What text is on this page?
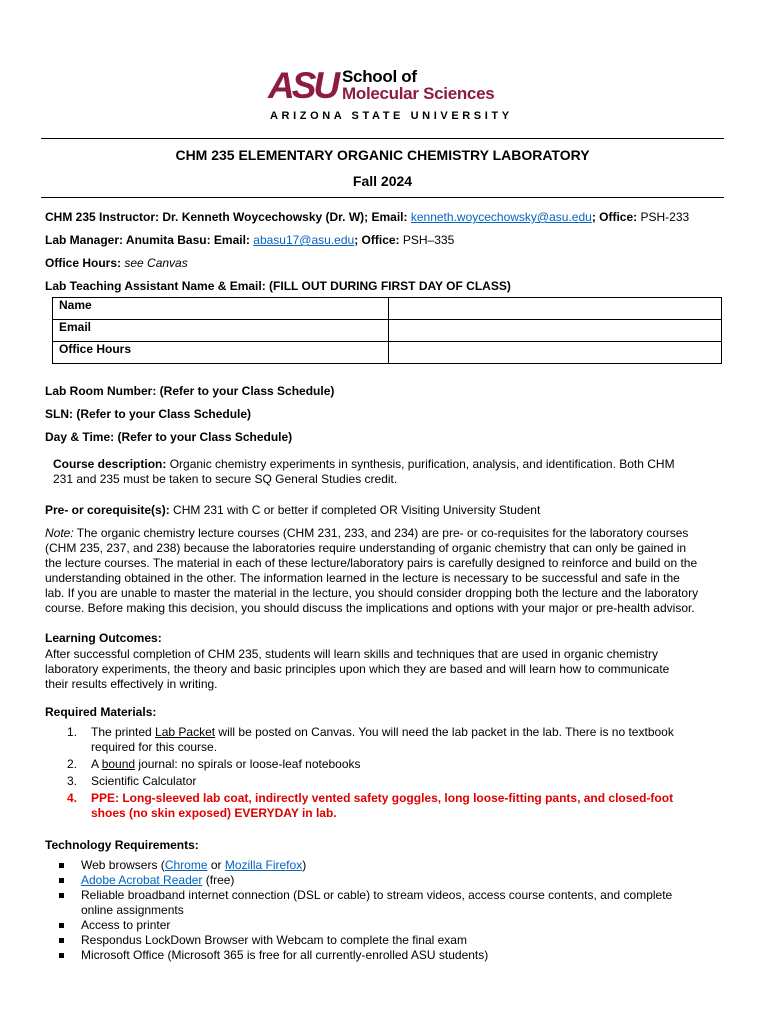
ASU School of
Molecular Sciences
ARIZONA STATE UNIVERSITY
CHM 235 ELEMENTARY ORGANIC CHEMISTRY LABORATORY
Fall 2024
CHM 235 Instructor: Dr. Kenneth Woycechowsky (Dr. W); Email: kenneth.woycechowsky@asu.edu; Office: PSH-233
Lab Manager: Anumita Basu: Email: abasu17@asu.edu; Office: PSH–335
Office Hours: see Canvas
Lab Teaching Assistant Name & Email: (FILL OUT DURING FIRST DAY OF CLASS)
Name	
Email	
Office Hours	
Lab Room Number: (Refer to your Class Schedule)
SLN: (Refer to your Class Schedule)
Day & Time: (Refer to your Class Schedule)
Course description: Organic chemistry experiments in synthesis, purification, analysis, and identification. Both CHM
231 and 235 must be taken to secure SQ General Studies credit.
Pre- or corequisite(s): CHM 231 with C or better if completed OR Visiting University Student
Note: The organic chemistry lecture courses (CHM 231, 233, and 234) are pre- or co-requisites for the laboratory courses
(CHM 235, 237, and 238) because the laboratories require understanding of organic chemistry that can only be gained in
the lecture courses. The material in each of these lecture/laboratory pairs is carefully designed to reinforce and build on the
understanding obtained in the other. The information learned in the lecture is necessary to be successful and safe in the
lab. If you are unable to master the material in the lecture, you should consider dropping both the lecture and the laboratory
course. Before making this decision, you should discuss the implications and options with your major or pre-health advisor.
Learning Outcomes:
After successful completion of CHM 235, students will learn skills and techniques that are used in organic chemistry
laboratory experiments, the theory and basic principles upon which they are based and will learn how to communicate
their results effectively in writing.
Required Materials:
1. The printed Lab Packet will be posted on Canvas. You will need the lab packet in the lab. There is no textbook
required for this course.
2. A bound journal: no spirals or loose-leaf notebooks
3. Scientific Calculator
4. PPE: Long-sleeved lab coat, indirectly vented safety goggles, long loose-fitting pants, and closed-foot
shoes (no skin exposed) EVERYDAY in lab.
Technology Requirements:
Web browsers (Chrome or Mozilla Firefox)
Adobe Acrobat Reader (free)
Reliable broadband internet connection (DSL or cable) to stream videos, access course contents, and complete
online assignments
Access to printer
Respondus LockDown Browser with Webcam to complete the final exam
Microsoft Office (Microsoft 365 is free for all currently-enrolled ASU students)
